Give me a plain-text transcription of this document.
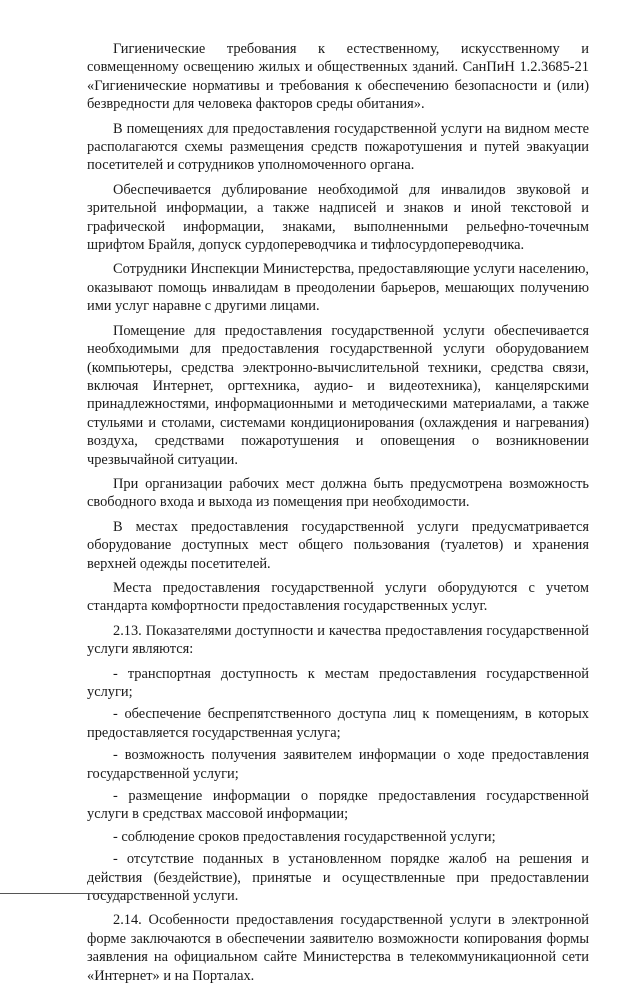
Гигиенические требования к естественному, искусственному и совмещенному освещению жилых и общественных зданий. СанПиН 1.2.3685-21 «Гигиенические нормативы и требования к обеспечению безопасности и (или) безвредности для человека факторов среды обитания».

В помещениях для предоставления государственной услуги на видном месте располагаются схемы размещения средств пожаротушения и путей эвакуации посетителей и сотрудников уполномоченного органа.

Обеспечивается дублирование необходимой для инвалидов звуковой и зрительной информации, а также надписей и знаков и иной текстовой и графической информации, знаками, выполненными рельефно-точечным шрифтом Брайля, допуск сурдопереводчика и тифлосурдопереводчика.

Сотрудники Инспекции Министерства, предоставляющие услуги населению, оказывают помощь инвалидам в преодолении барьеров, мешающих получению ими услуг наравне с другими лицами.

Помещение для предоставления государственной услуги обеспечивается необходимыми для предоставления государственной услуги оборудованием (компьютеры, средства электронно-вычислительной техники, средства связи, включая Интернет, оргтехника, аудио- и видеотехника), канцелярскими принадлежностями, информационными и методическими материалами, а также стульями и столами, системами кондиционирования (охлаждения и нагревания) воздуха, средствами пожаротушения и оповещения о возникновении чрезвычайной ситуации.

При организации рабочих мест должна быть предусмотрена возможность свободного входа и выхода из помещения при необходимости.

В местах предоставления государственной услуги предусматривается оборудование доступных мест общего пользования (туалетов) и хранения верхней одежды посетителей.

Места предоставления государственной услуги оборудуются с учетом стандарта комфортности предоставления государственных услуг.

2.13. Показателями доступности и качества предоставления государственной услуги являются:

- транспортная доступность к местам предоставления государственной услуги;

- обеспечение беспрепятственного доступа лиц к помещениям, в которых предоставляется государственная услуга;

- возможность получения заявителем информации о ходе предоставления государственной услуги;

- размещение информации о порядке предоставления государственной услуги в средствах массовой информации;

- соблюдение сроков предоставления государственной услуги;

- отсутствие поданных в установленном порядке жалоб на решения и действия (бездействие), принятые и осуществленные при предоставлении государственной услуги.

2.14. Особенности предоставления государственной услуги в электронной форме заключаются в обеспечении заявителю возможности копирования формы заявления на официальном сайте Министерства в телекоммуникационной сети «Интернет» и на Порталах.
